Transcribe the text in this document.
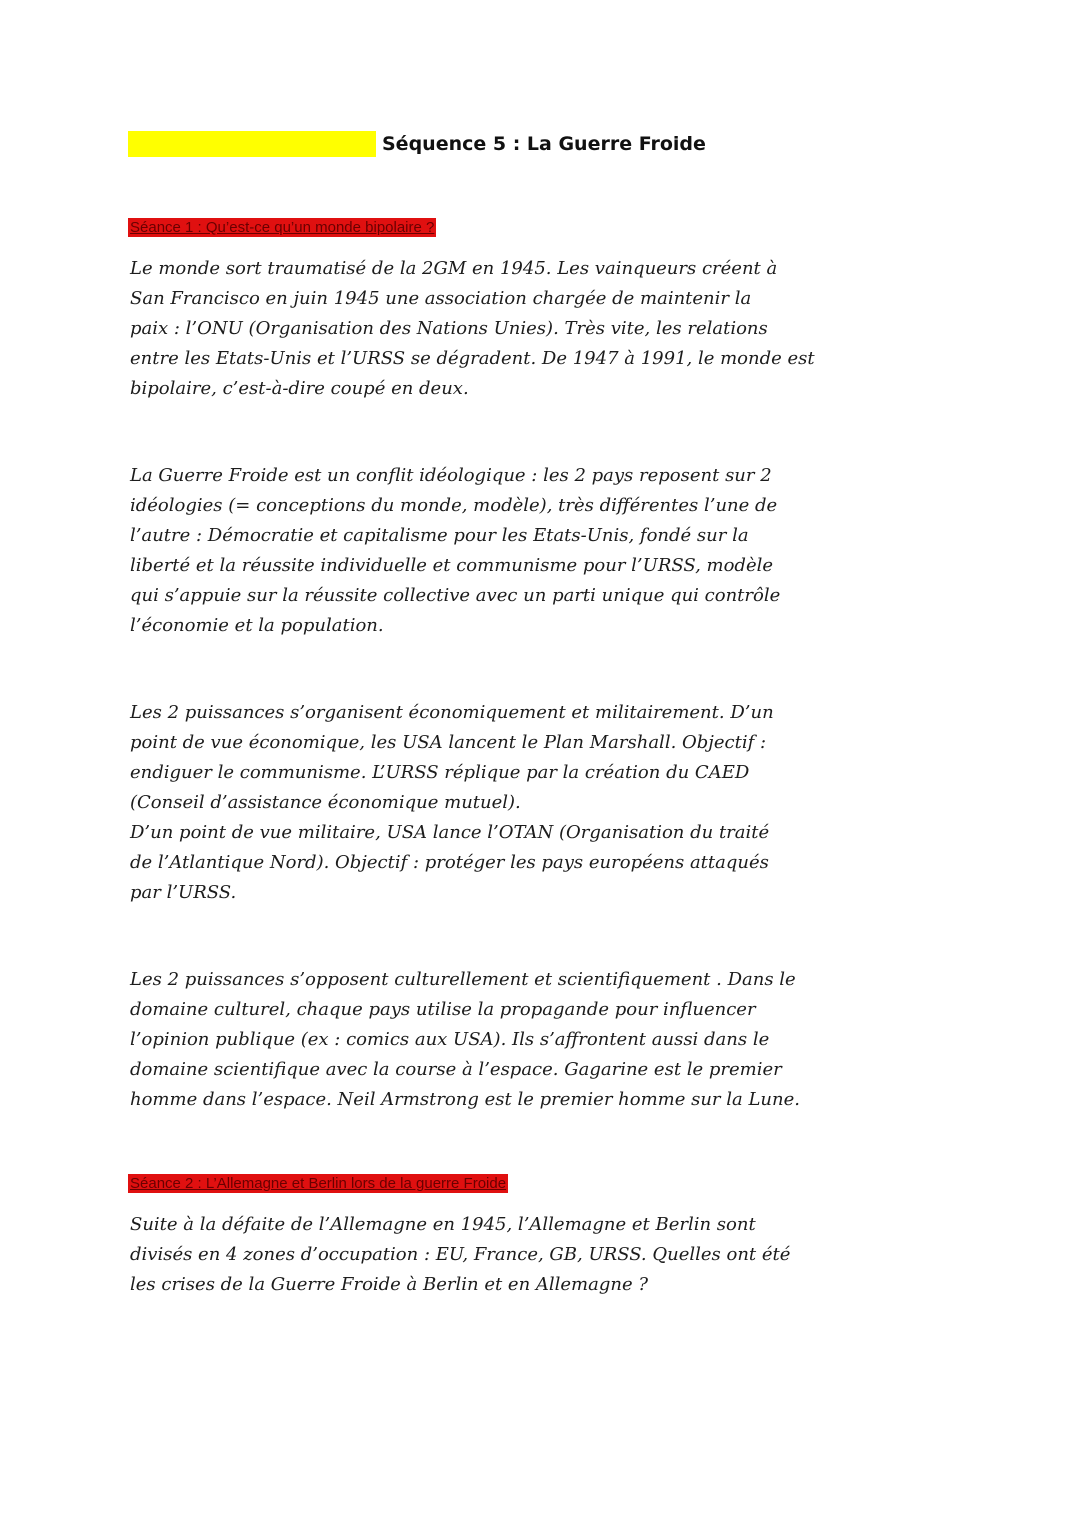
Séquence 5 : La Guerre Froide
Séance 1 : Qu’est-ce qu’un monde bipolaire ?
Le monde sort traumatisé de la 2GM en 1945. Les vainqueurs créent à
San Francisco en juin 1945 une association chargée de maintenir la
paix : l’ONU (Organisation des Nations Unies). Très vite, les relations
entre les Etats-Unis et l’URSS se dégradent. De 1947 à 1991, le monde est
bipolaire, c’est-à-dire coupé en deux.
La Guerre Froide est un conflit idéologique : les 2 pays reposent sur 2
idéologies (= conceptions du monde, modèle), très différentes l’une de
l’autre : Démocratie et capitalisme pour les Etats-Unis, fondé sur la
liberté et la réussite individuelle et communisme pour l’URSS, modèle
qui s’appuie sur la réussite collective avec un parti unique qui contrôle
l’économie et la population.
Les 2 puissances s’organisent économiquement et militairement. D’un
point de vue économique, les USA lancent le Plan Marshall. Objectif :
endiguer le communisme. L’URSS réplique par la création du CAED
(Conseil d’assistance économique mutuel).
D’un point de vue militaire, USA lance l’OTAN (Organisation du traité
de l’Atlantique Nord). Objectif : protéger les pays européens attaqués
par l’URSS.
Les 2 puissances s’opposent culturellement et scientifiquement . Dans le
domaine culturel, chaque pays utilise la propagande pour influencer
l’opinion publique (ex : comics aux USA). Ils s’affrontent aussi dans le
domaine scientifique avec la course à l’espace. Gagarine est le premier
homme dans l’espace. Neil Armstrong est le premier homme sur la Lune.
Séance 2 : L’Allemagne et Berlin lors de la guerre Froide
Suite à la défaite de l’Allemagne en 1945, l’Allemagne et Berlin sont
divisés en 4 zones d’occupation : EU, France, GB, URSS. Quelles ont été
les crises de la Guerre Froide à Berlin et en Allemagne ?
